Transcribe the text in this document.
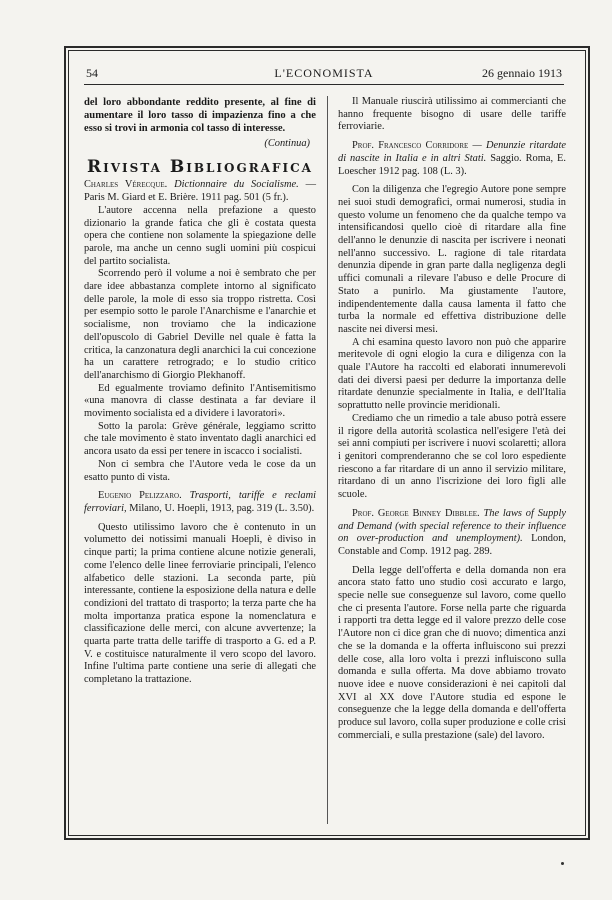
54	L'ECONOMISTA	26 gennaio 1913

del loro abbondante reddito presente, al fine di aumentare il loro tasso di impazienza fino a che esso si trovi in armonia col tasso di interesse.

(Continua)

Rivista Bibliografica

Charles Vérecque. Dictionnaire du Socialisme. — Paris M. Giard et E. Brière. 1911 pag. 501 (5 fr.).

L'autore accenna nella prefazione a questo dizionario la grande fatica che gli è costata questa opera che contiene non solamente la spiegazione delle parole, ma anche un cenno sugli uomini più cospicui del partito socialista.

Scorrendo però il volume a noi è sembrato che per dare idee abbastanza complete intorno al significato delle parole, la mole di esso sia troppo ristretta. Così per esempio sotto le parole l'Anarchisme e l'anarchie et socialisme, non troviamo che la indicazione dell'opuscolo di Gabriel Deville nel quale è fatta la critica, la canzonatura degli anarchici la cui concezione ha un carattere retrogrado; e lo studio critico dell'anarchismo di Giorgio Plekhanoff.

Ed egualmente troviamo definito l'Antisemitismo «una manovra di classe destinata a far deviare il movimento socialista ed a dividere i lavoratori».

Sotto la parola: Grève générale, leggiamo scritto che tale movimento è stato inventato dagli anarchici ed ancora usato da essi per tenere in iscacco i socialisti.

Non ci sembra che l'Autore veda le cose da un esatto punto di vista.

Eugenio Pelizzaro. Trasporti, tariffe e reclami ferroviari, Milano, U. Hoepli, 1913, pag. 319 (L. 3.50).

Questo utilissimo lavoro che è contenuto in un volumetto dei notissimi manuali Hoepli, è diviso in cinque parti; la prima contiene alcune notizie generali, come l'elenco delle linee ferroviarie principali, l'elenco alfabetico delle stazioni. La seconda parte, più interessante, contiene la esposizione della natura e delle condizioni del trattato di trasporto; la terza parte che ha molta importanza pratica espone la nomenclatura e classificazione delle merci, con alcune avvertenze; la quarta parte tratta delle tariffe di trasporto a G. ed a P. V. e costituisce naturalmente il vero scopo del lavoro. Infine l'ultima parte contiene una serie di allegati che completano la trattazione.

Il Manuale riuscirà utilissimo ai commercianti che hanno frequente bisogno di usare delle tariffe ferroviarie.

Prof. Francesco Corridore — Denunzie ritardate di nascite in Italia e in altri Stati. Saggio. Roma, E. Loescher 1912 pag. 108 (L. 3).

Con la diligenza che l'egregio Autore pone sempre nei suoi studi demografici, ormai numerosi, studia in questo volume un fenomeno che da qualche tempo va intensificandosi quello cioè di ritardare alla fine dell'anno le denunzie di nascita per iscrivere i neonati nell'anno successivo. L. ragione di tale ritardata denunzia dipende in gran parte dalla negligenza degli uffici comunali a rilevare l'abuso e delle Procure di Stato a punirlo. Ma giustamente l'autore, indipendentemente dalla causa lamenta il fatto che turba la normale ed effettiva distribuzione delle nascite nei diversi mesi.

A chi esamina questo lavoro non può che apparire meritevole di ogni elogio la cura e diligenza con la quale l'Autore ha raccolti ed elaborati innumerevoli dati dei diversi paesi per dedurre la importanza delle ritardate denunzie specialmente in Italia, e dell'Italia soprattutto nelle provincie meridionali.

Crediamo che un rimedio a tale abuso potrà essere il rigore della autorità scolastica nell'esigere l'età dei sei anni compiuti per iscrivere i nuovi scolaretti; allora i genitori comprenderanno che se col loro espediente riescono a far ritardare di un anno il servizio militare, ritardano di un anno l'iscrizione dei loro figli alle scuole.

Prof. George Binney Dibblee. The laws of Supply and Demand (with special reference to their influence on over-production and unemployment). London, Constable and Comp. 1912 pag. 289.

Della legge dell'offerta e della domanda non era ancora stato fatto uno studio così accurato e largo, specie nelle sue conseguenze sul lavoro, come quello che ci presenta l'autore. Forse nella parte che riguarda i rapporti tra detta legge ed il valore prezzo delle cose l'Autore non ci dice gran che di nuovo; dimentica anzi che se la domanda e la offerta influiscono sui prezzi delle cose, alla loro volta i prezzi influiscono sulla domanda e sulla offerta. Ma dove abbiamo trovato nuove idee e nuove considerazioni è nei capitoli dal XVI al XX dove l'Autore studia ed espone le conseguenze che la legge della domanda e dell'offerta produce sul lavoro, colla super produzione e colle crisi commerciali, e sulla prestazione (sale) del lavoro.
